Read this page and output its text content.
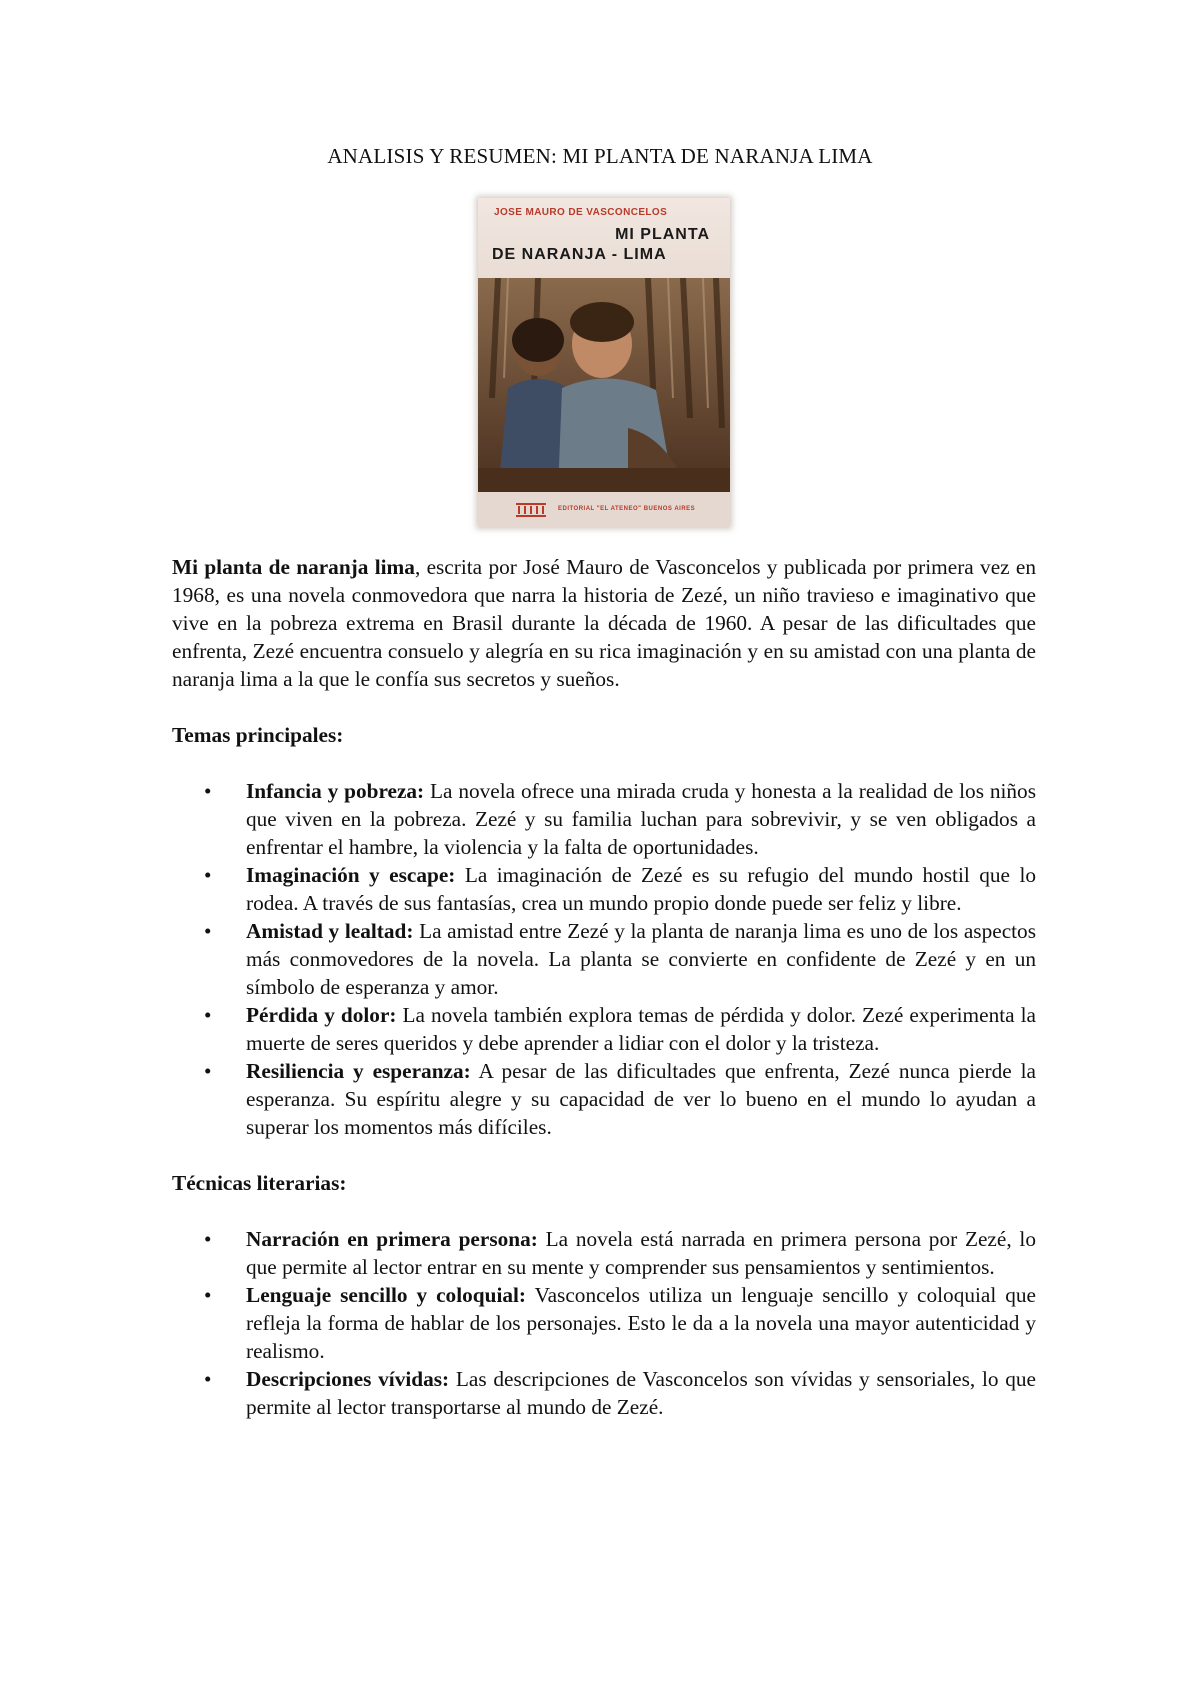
ANALISIS Y RESUMEN: MI PLANTA DE NARANJA LIMA
JOSE MAURO DE VASCONCELOS
MI PLANTA
DE NARANJA - LIMA
EDITORIAL "EL ATENEO" BUENOS AIRES

Mi planta de naranja lima, escrita por José Mauro de Vasconcelos y publicada por primera vez en 1968, es una novela conmovedora que narra la historia de Zezé, un niño travieso e imaginativo que vive en la pobreza extrema en Brasil durante la década de 1960. A pesar de las dificultades que enfrenta, Zezé encuentra consuelo y alegría en su rica imaginación y en su amistad con una planta de naranja lima a la que le confía sus secretos y sueños.

Temas principales:

• Infancia y pobreza: La novela ofrece una mirada cruda y honesta a la realidad de los niños que viven en la pobreza. Zezé y su familia luchan para sobrevivir, y se ven obligados a enfrentar el hambre, la violencia y la falta de oportunidades.
• Imaginación y escape: La imaginación de Zezé es su refugio del mundo hostil que lo rodea. A través de sus fantasías, crea un mundo propio donde puede ser feliz y libre.
• Amistad y lealtad: La amistad entre Zezé y la planta de naranja lima es uno de los aspectos más conmovedores de la novela. La planta se convierte en confidente de Zezé y en un símbolo de esperanza y amor.
• Pérdida y dolor: La novela también explora temas de pérdida y dolor. Zezé experimenta la muerte de seres queridos y debe aprender a lidiar con el dolor y la tristeza.
• Resiliencia y esperanza: A pesar de las dificultades que enfrenta, Zezé nunca pierde la esperanza. Su espíritu alegre y su capacidad de ver lo bueno en el mundo lo ayudan a superar los momentos más difíciles.

Técnicas literarias:

• Narración en primera persona: La novela está narrada en primera persona por Zezé, lo que permite al lector entrar en su mente y comprender sus pensamientos y sentimientos.
• Lenguaje sencillo y coloquial: Vasconcelos utiliza un lenguaje sencillo y coloquial que refleja la forma de hablar de los personajes. Esto le da a la novela una mayor autenticidad y realismo.
• Descripciones vívidas: Las descripciones de Vasconcelos son vívidas y sensoriales, lo que permite al lector transportarse al mundo de Zezé.
